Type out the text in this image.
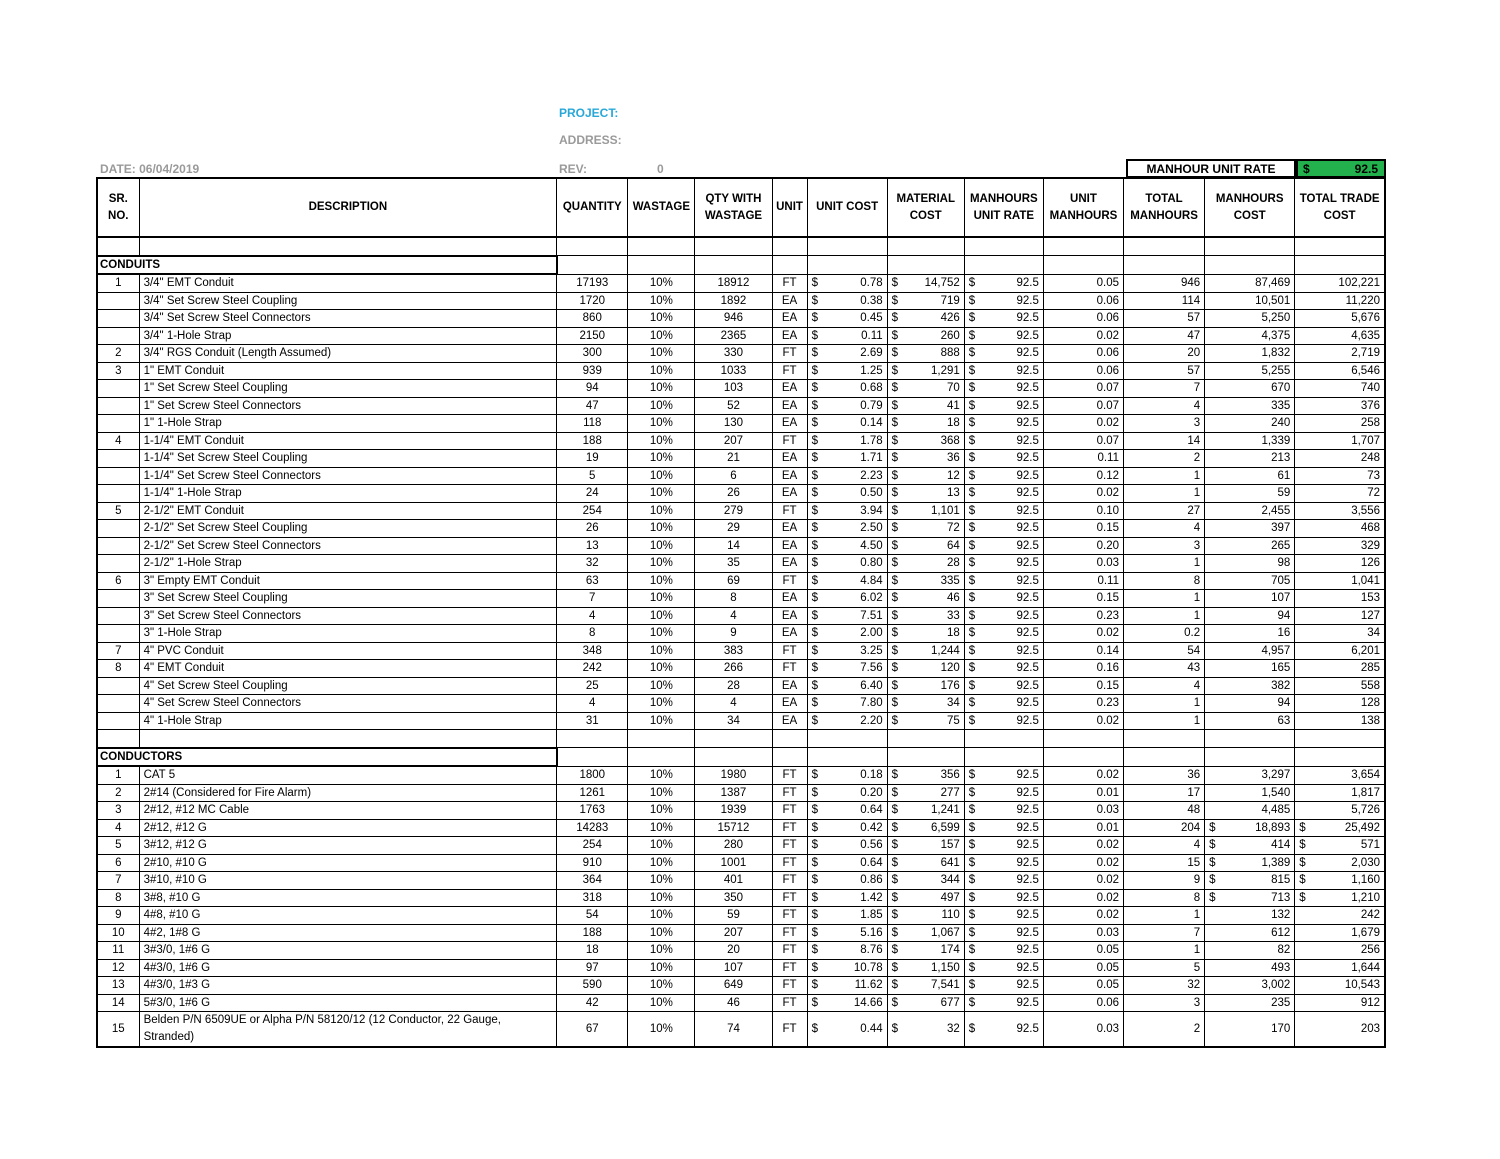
PROJECT:
ADDRESS:
DATE: 06/04/2019	REV:	0	MANHOUR UNIT RATE	$	92.5
SR. NO.	DESCRIPTION	QUANTITY	WASTAGE	QTY WITH WASTAGE	UNIT	UNIT COST	MATERIAL COST	MANHOURS UNIT RATE	UNIT MANHOURS	TOTAL MANHOURS	MANHOURS COST	TOTAL TRADE COST

CONDUITS												
1	3/4" EMT Conduit	17193	10%	18912	FT	$ 0.78	$ 14,752	$ 92.5	0.05	946	87,469	102,221
	3/4" Set Screw Steel Coupling	1720	10%	1892	EA	$ 0.38	$ 719	$ 92.5	0.06	114	10,501	11,220
	3/4" Set Screw Steel Connectors	860	10%	946	EA	$ 0.45	$ 426	$ 92.5	0.06	57	5,250	5,676
	3/4" 1-Hole Strap	2150	10%	2365	EA	$ 0.11	$ 260	$ 92.5	0.02	47	4,375	4,635
2	3/4" RGS Conduit (Length Assumed)	300	10%	330	FT	$ 2.69	$ 888	$ 92.5	0.06	20	1,832	2,719
3	1" EMT Conduit	939	10%	1033	FT	$ 1.25	$ 1,291	$ 92.5	0.06	57	5,255	6,546
	1" Set Screw Steel Coupling	94	10%	103	EA	$ 0.68	$ 70	$ 92.5	0.07	7	670	740
	1" Set Screw Steel Connectors	47	10%	52	EA	$ 0.79	$ 41	$ 92.5	0.07	4	335	376
	1" 1-Hole Strap	118	10%	130	EA	$ 0.14	$ 18	$ 92.5	0.02	3	240	258
4	1-1/4" EMT Conduit	188	10%	207	FT	$ 1.78	$ 368	$ 92.5	0.07	14	1,339	1,707
	1-1/4" Set Screw Steel Coupling	19	10%	21	EA	$ 1.71	$ 36	$ 92.5	0.11	2	213	248
	1-1/4" Set Screw Steel Connectors	5	10%	6	EA	$ 2.23	$ 12	$ 92.5	0.12	1	61	73
	1-1/4" 1-Hole Strap	24	10%	26	EA	$ 0.50	$ 13	$ 92.5	0.02	1	59	72
5	2-1/2" EMT Conduit	254	10%	279	FT	$ 3.94	$ 1,101	$ 92.5	0.10	27	2,455	3,556
	2-1/2" Set Screw Steel Coupling	26	10%	29	EA	$ 2.50	$ 72	$ 92.5	0.15	4	397	468
	2-1/2" Set Screw Steel Connectors	13	10%	14	EA	$ 4.50	$ 64	$ 92.5	0.20	3	265	329
	2-1/2" 1-Hole Strap	32	10%	35	EA	$ 0.80	$ 28	$ 92.5	0.03	1	98	126
6	3" Empty EMT Conduit	63	10%	69	FT	$ 4.84	$ 335	$ 92.5	0.11	8	705	1,041
	3" Set Screw Steel Coupling	7	10%	8	EA	$ 6.02	$ 46	$ 92.5	0.15	1	107	153
	3" Set Screw Steel Connectors	4	10%	4	EA	$ 7.51	$ 33	$ 92.5	0.23	1	94	127
	3" 1-Hole Strap	8	10%	9	EA	$ 2.00	$ 18	$ 92.5	0.02	0.2	16	34
7	4" PVC Conduit	348	10%	383	FT	$ 3.25	$ 1,244	$ 92.5	0.14	54	4,957	6,201
8	4" EMT Conduit	242	10%	266	FT	$ 7.56	$ 120	$ 92.5	0.16	43	165	285
	4" Set Screw Steel Coupling	25	10%	28	EA	$ 6.40	$ 176	$ 92.5	0.15	4	382	558
	4" Set Screw Steel Connectors	4	10%	4	EA	$ 7.80	$ 34	$ 92.5	0.23	1	94	128
	4" 1-Hole Strap	31	10%	34	EA	$ 2.20	$ 75	$ 92.5	0.02	1	63	138

CONDUCTORS												
1	CAT 5	1800	10%	1980	FT	$ 0.18	$ 356	$ 92.5	0.02	36	3,297	3,654
2	2#14 (Considered for Fire Alarm)	1261	10%	1387	FT	$ 0.20	$ 277	$ 92.5	0.01	17	1,540	1,817
3	2#12, #12 MC Cable	1763	10%	1939	FT	$ 0.64	$ 1,241	$ 92.5	0.03	48	4,485	5,726
4	2#12, #12 G	14283	10%	15712	FT	$ 0.42	$ 6,599	$ 92.5	0.01	204	$ 18,893	$ 25,492
5	3#12, #12 G	254	10%	280	FT	$ 0.56	$ 157	$ 92.5	0.02	4	$ 414	$ 571
6	2#10, #10 G	910	10%	1001	FT	$ 0.64	$ 641	$ 92.5	0.02	15	$ 1,389	$ 2,030
7	3#10, #10 G	364	10%	401	FT	$ 0.86	$ 344	$ 92.5	0.02	9	$ 815	$ 1,160
8	3#8, #10 G	318	10%	350	FT	$ 1.42	$ 497	$ 92.5	0.02	8	$ 713	$ 1,210
9	4#8, #10 G	54	10%	59	FT	$ 1.85	$ 110	$ 92.5	0.02	1	132	242
10	4#2, 1#8 G	188	10%	207	FT	$ 5.16	$ 1,067	$ 92.5	0.03	7	612	1,679
11	3#3/0, 1#6 G	18	10%	20	FT	$ 8.76	$ 174	$ 92.5	0.05	1	82	256
12	4#3/0, 1#6 G	97	10%	107	FT	$ 10.78	$ 1,150	$ 92.5	0.05	5	493	1,644
13	4#3/0, 1#3 G	590	10%	649	FT	$ 11.62	$ 7,541	$ 92.5	0.05	32	3,002	10,543
14	5#3/0, 1#6 G	42	10%	46	FT	$ 14.66	$ 677	$ 92.5	0.06	3	235	912
15	Belden P/N 6509UE or Alpha P/N 58120/12 (12 Conductor, 22 Gauge, Stranded)	67	10%	74	FT	$ 0.44	$ 32	$ 92.5	0.03	2	170	203
